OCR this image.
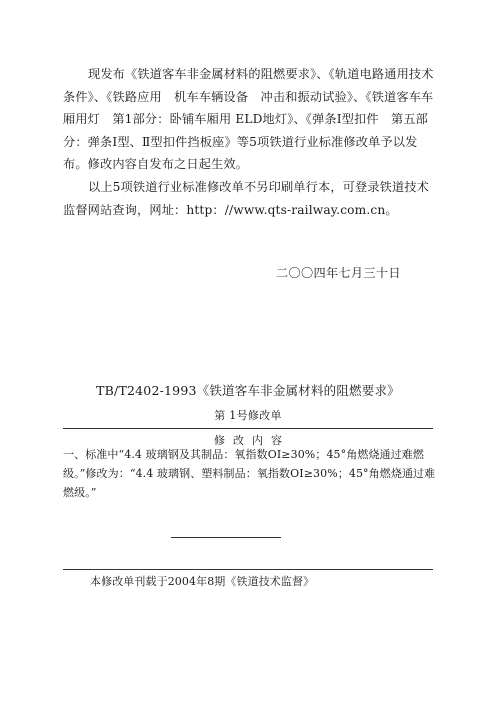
现发布《铁道客车非金属材料的阻燃要求》、《轨道电路通用技术条件》、《铁路应用　机车车辆设备　冲击和振动试验》、《铁道客车车厢用灯　第1部分：卧铺车厢用 ELD地灯》、《弹条Ⅰ型扣件　第五部分：弹条Ⅰ型、Ⅱ型扣件挡板座》等5项铁道行业标准修改单予以发布。修改内容自发布之日起生效。

以上5项铁道行业标准修改单不另印刷单行本，可登录铁道技术监督网站查询，网址：http：//www.qts-railway.com.cn。

二〇〇四年七月三十日
TB/T2402-1993《铁道客车非金属材料的阻燃要求》
第 1号修改单
修改内容
一、标准中“4.4 玻璃钢及其制品：氧指数OI≥30%；45°角燃烧通过难燃级。”修改为：“4.4 玻璃钢、塑料制品：氧指数OI≥30%；45°角燃烧通过难燃级。”
本修改单刊载于2004年8期《铁道技术监督》
